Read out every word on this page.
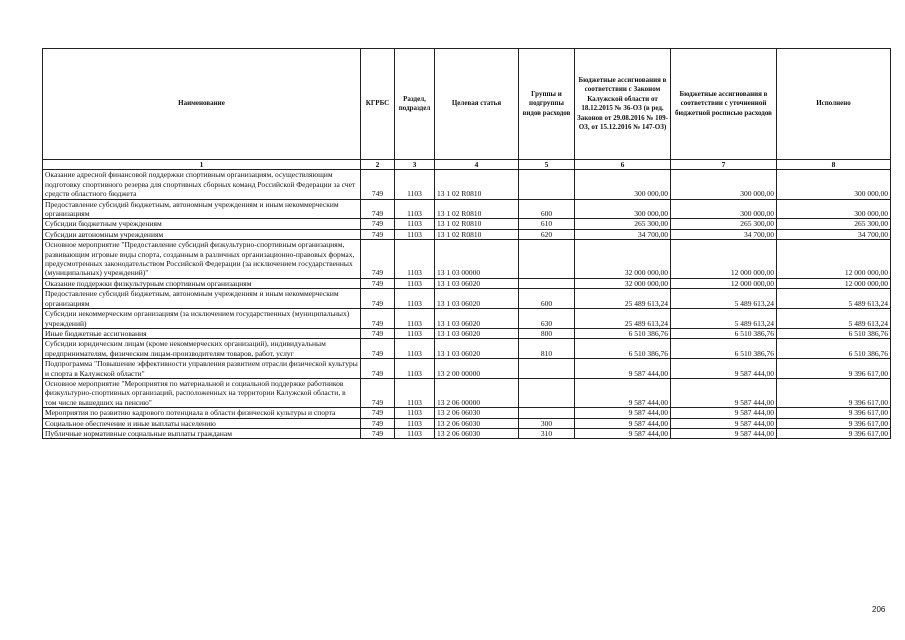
Наименование	КГРБС	Раздел, подраздел	Целевая статья	Группы и подгруппы видов расходов	Бюджетные ассигнования в соответствии с Законом Калужской области от 18.12.2015 № 36-ОЗ (в ред. Законов от 29.08.2016 № 109-ОЗ, от 15.12.2016 № 147-ОЗ)	Бюджетные ассигнования в соответствии с уточненной бюджетной росписью расходов	Исполнено
1	2	3	4	5	6	7	8
Оказание адресной финансовой поддержки спортивным организациям, осуществляющим подготовку спортивного резерва для спортивных сборных команд Российской Федерации за счет средств областного бюджета	749	1103	13 1 02 R0810		300 000,00	300 000,00	300 000,00
Предоставление субсидий бюджетным, автономным учреждениям и иным некоммерческим организациям	749	1103	13 1 02 R0810	600	300 000,00	300 000,00	300 000,00
Субсидии бюджетным учреждениям	749	1103	13 1 02 R0810	610	265 300,00	265 300,00	265 300,00
Субсидии автономным учреждениям	749	1103	13 1 02 R0810	620	34 700,00	34 700,00	34 700,00
Основное мероприятие "Предоставление субсидий физкультурно-спортивным организациям, развивающим игровые виды спорта, созданным в различных организационно-правовых формах, предусмотренных законодательством Российской Федерации (за исключением государственных (муниципальных) учреждений)"	749	1103	13 1 03 00000		32 000 000,00	12 000 000,00	12 000 000,00
Оказание поддержки физкультурным спортивным организациям	749	1103	13 1 03 06020		32 000 000,00	12 000 000,00	12 000 000,00
Предоставление субсидий бюджетным, автономным учреждениям и иным некоммерческим организациям	749	1103	13 1 03 06020	600	25 489 613,24	5 489 613,24	5 489 613,24
Субсидии некоммерческим организациям (за исключением государственных (муниципальных) учреждений)	749	1103	13 1 03 06020	630	25 489 613,24	5 489 613,24	5 489 613,24
Иные бюджетные ассигнования	749	1103	13 1 03 06020	800	6 510 386,76	6 510 386,76	6 510 386,76
Субсидии юридическим лицам (кроме некоммерческих организаций), индивидуальным предпринимателям, физическим лицам-производителям товаров, работ, услуг	749	1103	13 1 03 06020	810	6 510 386,76	6 510 386,76	6 510 386,76
Подпрограмма "Повышение эффективности управления развитием отрасли физической культуры и спорта в Калужской области"	749	1103	13 2 00 00000		9 587 444,00	9 587 444,00	9 396 617,00
Основное мероприятие "Мероприятия по материальной и социальной поддержке работников физкультурно-спортивных организаций, расположенных на территории Калужской области, в том числе вышедших на пенсию"	749	1103	13 2 06 00000		9 587 444,00	9 587 444,00	9 396 617,00
Мероприятия по развитию кадрового потенциала в области физической культуры и спорта	749	1103	13 2 06 06030		9 587 444,00	9 587 444,00	9 396 617,00
Социальное обеспечение и иные выплаты населению	749	1103	13 2 06 06030	300	9 587 444,00	9 587 444,00	9 396 617,00
Публичные нормативные социальные выплаты гражданам	749	1103	13 2 06 06030	310	9 587 444,00	9 587 444,00	9 396 617,00
206
